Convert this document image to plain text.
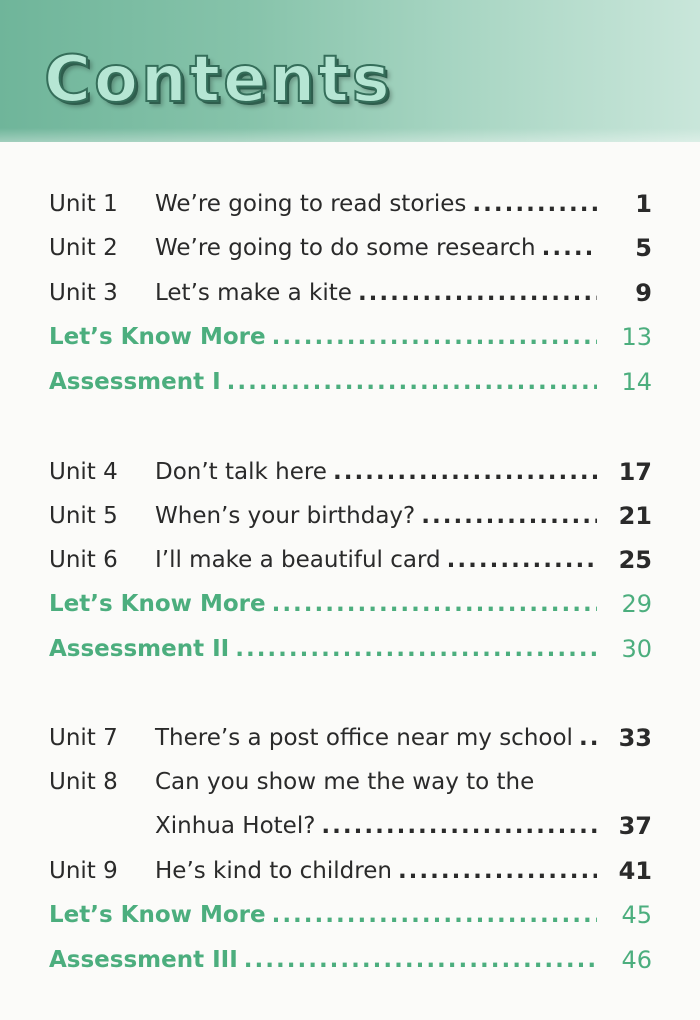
Contents
Unit 1 We’re going to read stories .....	1
Unit 2 We’re going to do some research .....	5
Unit 3 Let’s make a kite .....	9
Let’s Know More .....	13
Assessment I .....	14
Unit 4 Don’t talk here .....	17
Unit 5 When’s your birthday? .....	21
Unit 6 I’ll make a beautiful card .....	25
Let’s Know More .....	29
Assessment II .....	30
Unit 7 There’s a post office near my school ..... 33
Unit 8 Can you show me the way to the
Xinhua Hotel? .....	37
Unit 9 He’s kind to children .....	41
Let’s Know More .....	45
Assessment III .....	46
